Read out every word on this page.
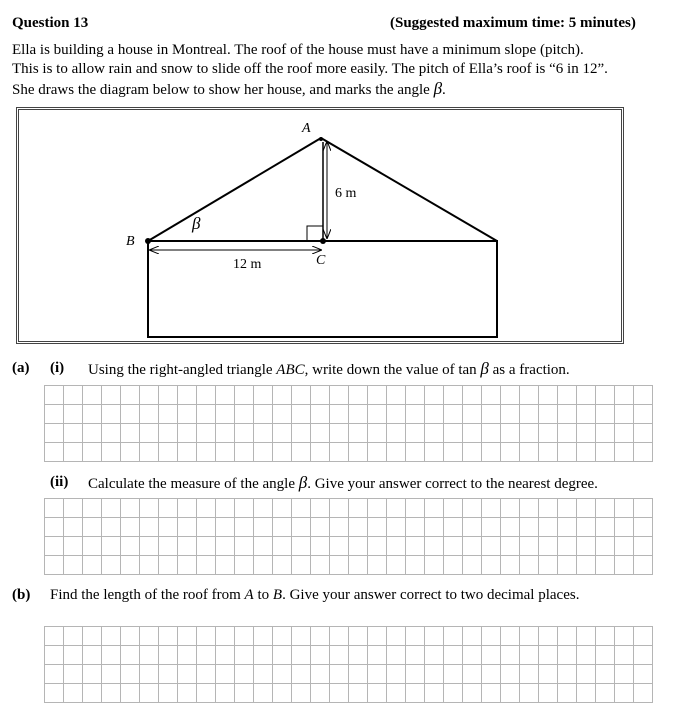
Question 13	(Suggested maximum time: 5 minutes)
Ella is building a house in Montreal. The roof of the house must have a minimum slope (pitch).
This is to allow rain and snow to slide off the roof more easily. The pitch of Ella’s roof is “6 in 12”.
She draws the diagram below to show her house, and marks the angle β.
A
B
C
β
6 m
12 m
(a) (i) Using the right-angled triangle ABC, write down the value of tan β as a fraction.
(ii) Calculate the measure of the angle β. Give your answer correct to the nearest degree.
(b) Find the length of the roof from A to B. Give your answer correct to two decimal places.
